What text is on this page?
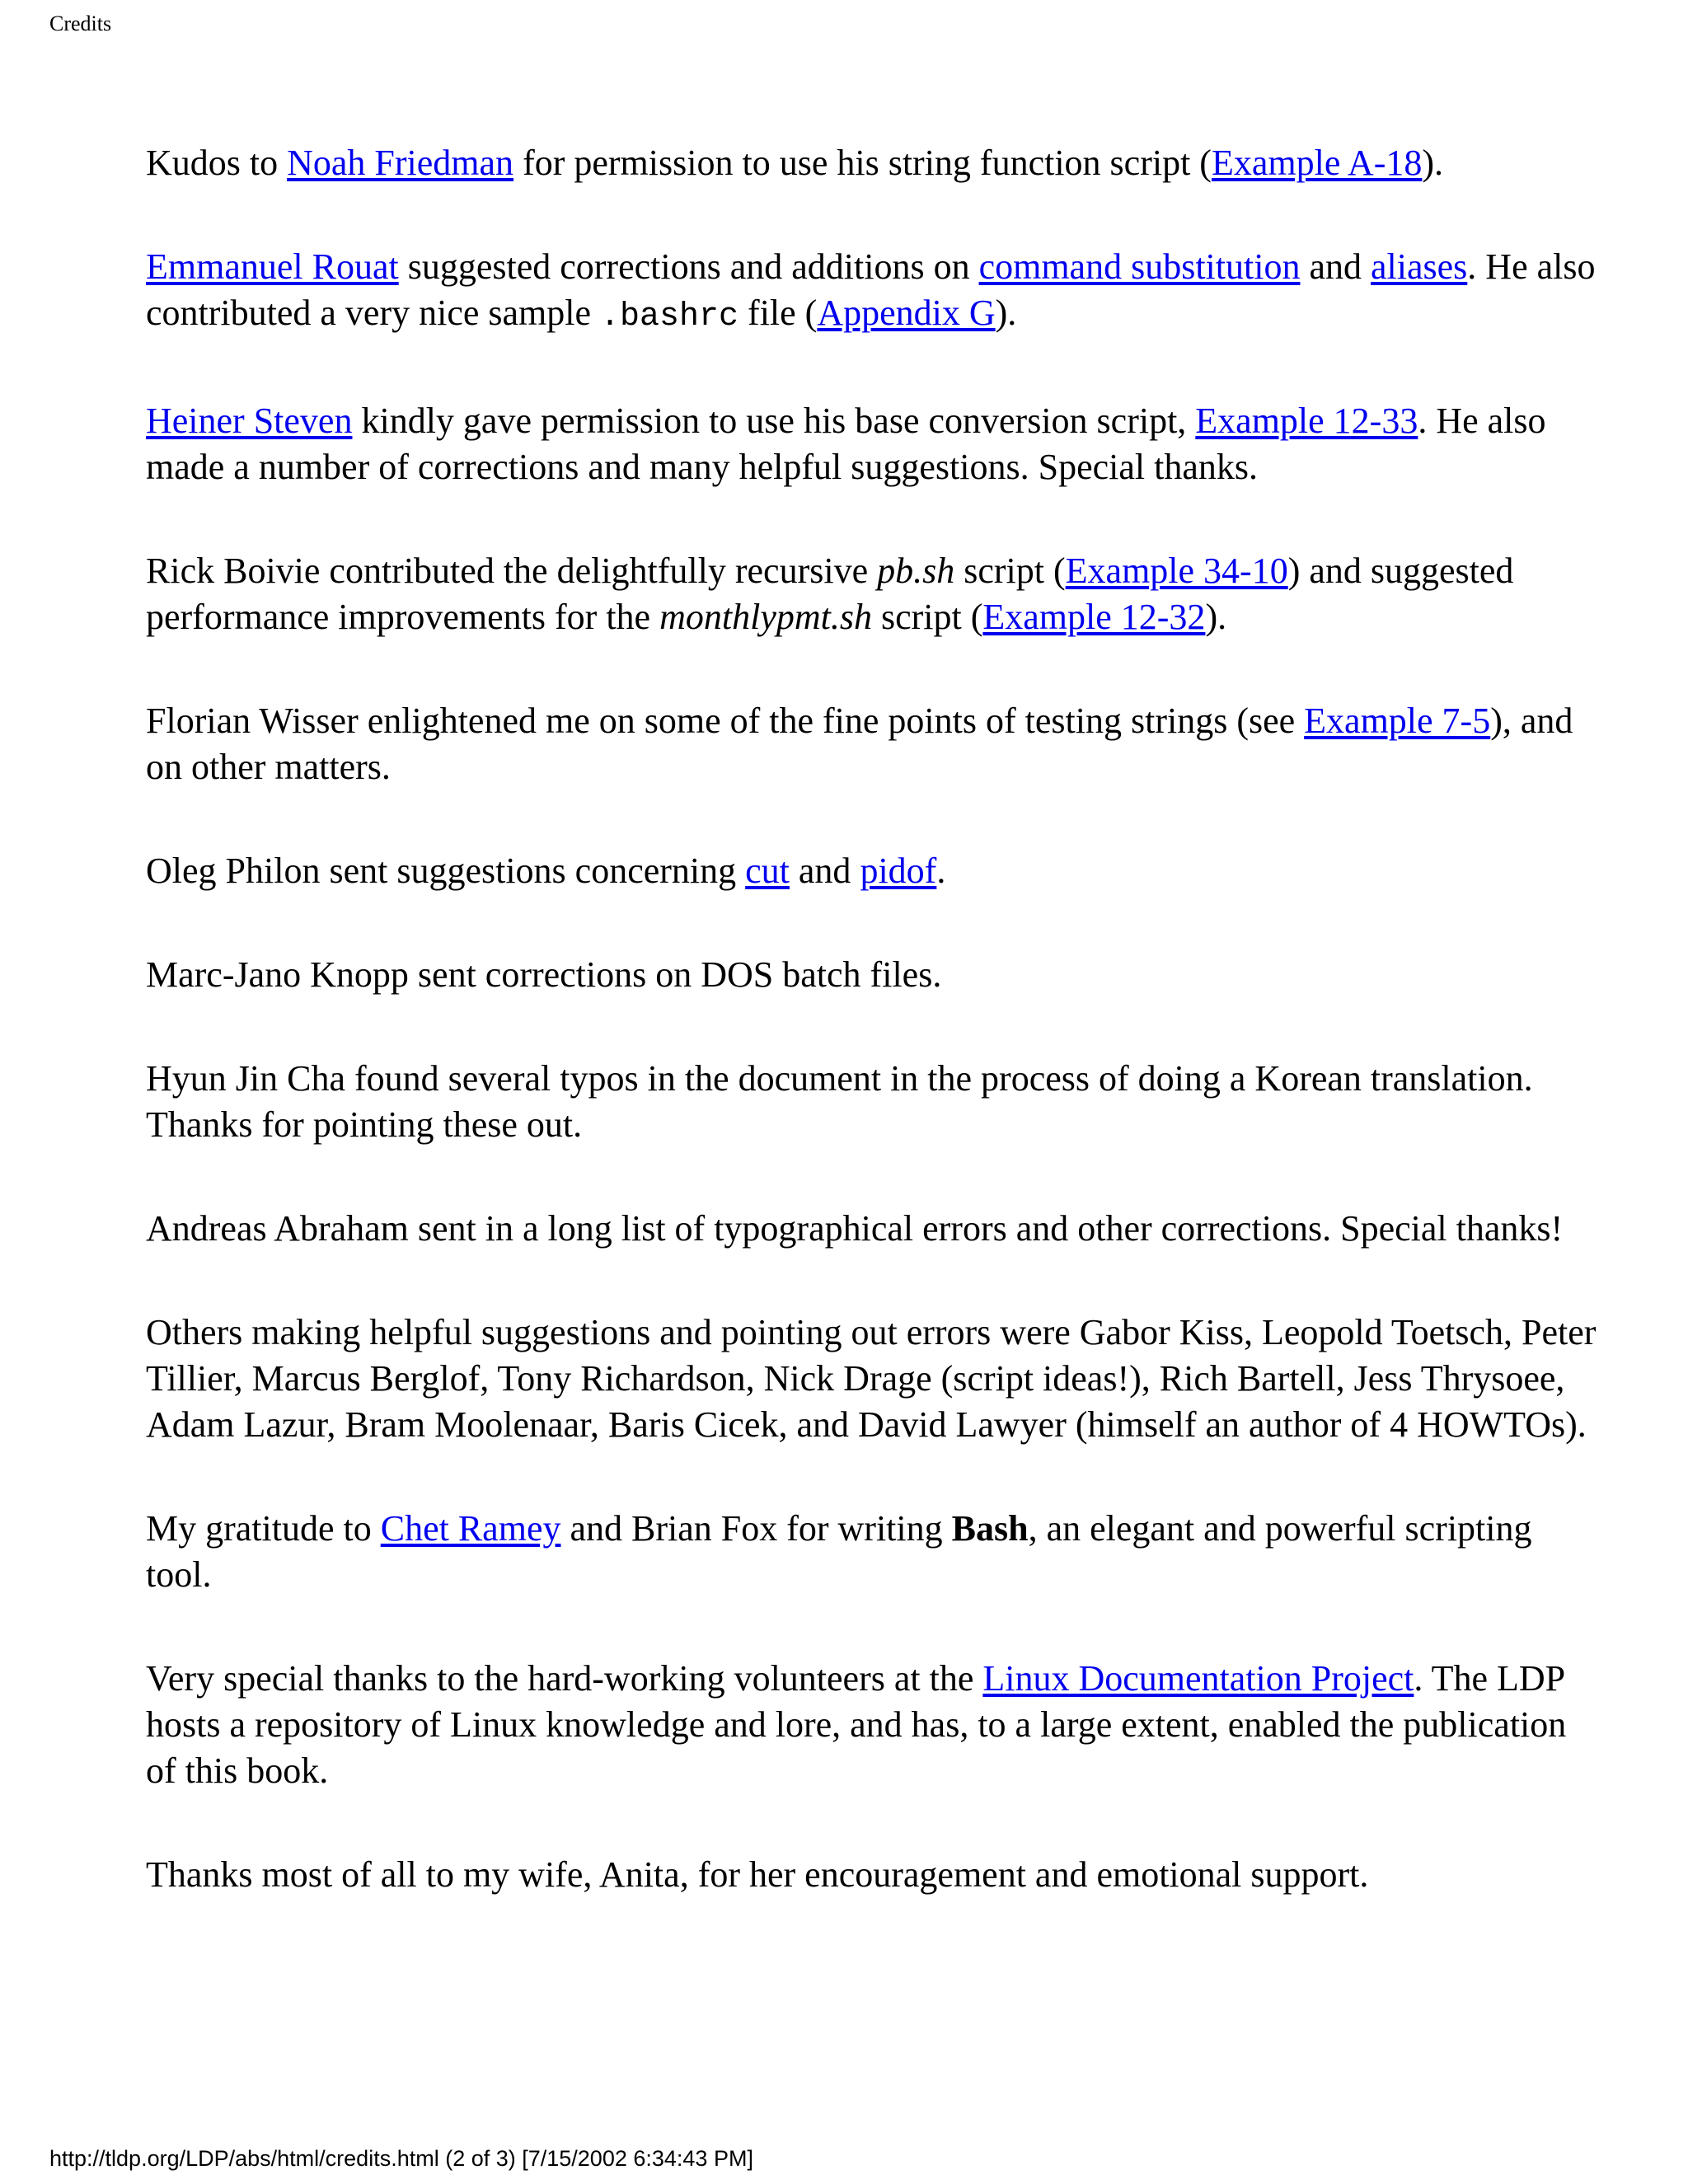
Credits

Kudos to Noah Friedman for permission to use his string function script (Example A-18).

Emmanuel Rouat suggested corrections and additions on command substitution and aliases. He also contributed a very nice sample .bashrc file (Appendix G).

Heiner Steven kindly gave permission to use his base conversion script, Example 12-33. He also made a number of corrections and many helpful suggestions. Special thanks.

Rick Boivie contributed the delightfully recursive pb.sh script (Example 34-10) and suggested performance improvements for the monthlypmt.sh script (Example 12-32).

Florian Wisser enlightened me on some of the fine points of testing strings (see Example 7-5), and on other matters.

Oleg Philon sent suggestions concerning cut and pidof.

Marc-Jano Knopp sent corrections on DOS batch files.

Hyun Jin Cha found several typos in the document in the process of doing a Korean translation. Thanks for pointing these out.

Andreas Abraham sent in a long list of typographical errors and other corrections. Special thanks!

Others making helpful suggestions and pointing out errors were Gabor Kiss, Leopold Toetsch, Peter Tillier, Marcus Berglof, Tony Richardson, Nick Drage (script ideas!), Rich Bartell, Jess Thrysoee, Adam Lazur, Bram Moolenaar, Baris Cicek, and David Lawyer (himself an author of 4 HOWTOs).

My gratitude to Chet Ramey and Brian Fox for writing Bash, an elegant and powerful scripting tool.

Very special thanks to the hard-working volunteers at the Linux Documentation Project. The LDP hosts a repository of Linux knowledge and lore, and has, to a large extent, enabled the publication of this book.

Thanks most of all to my wife, Anita, for her encouragement and emotional support.

http://tldp.org/LDP/abs/html/credits.html (2 of 3) [7/15/2002 6:34:43 PM]
